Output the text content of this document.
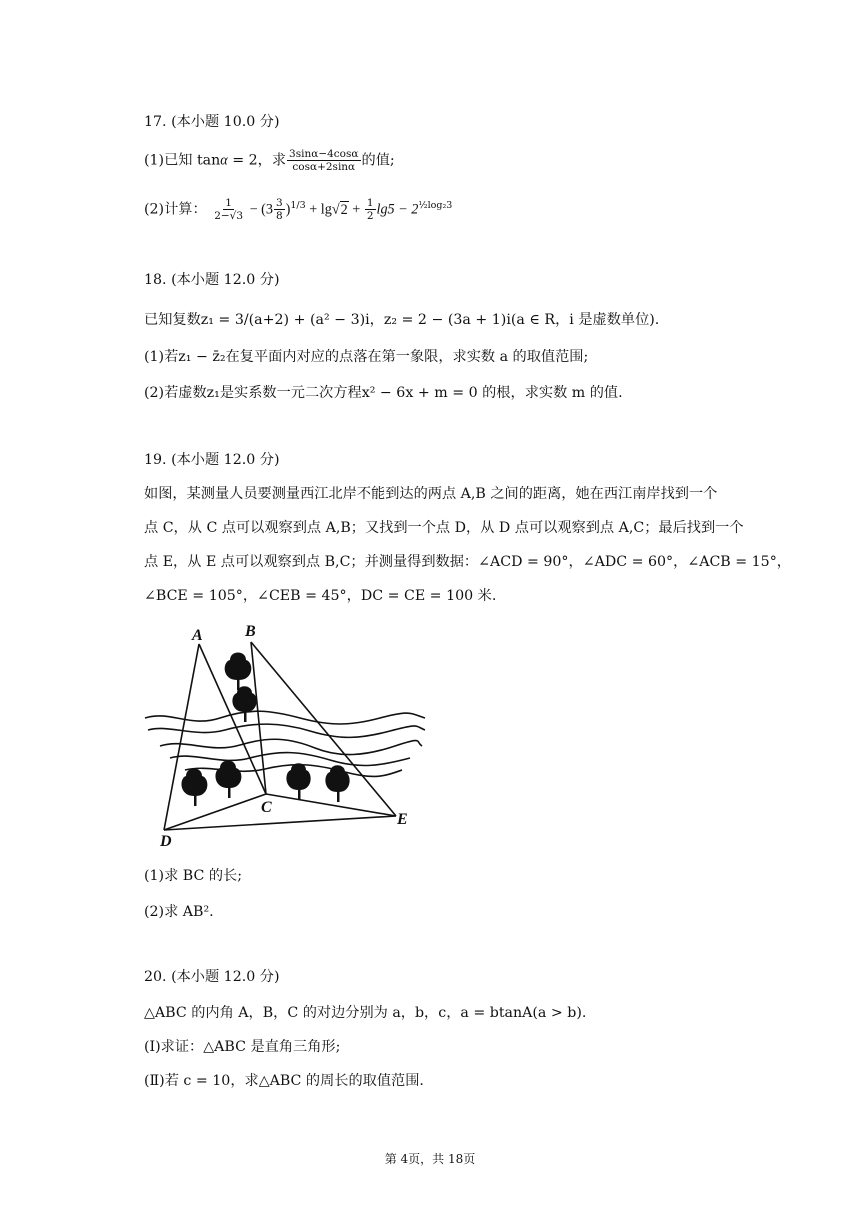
17. (本小题 10.0 分)
(1)已知 tanα = 2，求 $\frac{3\sin\alpha-4\cos\alpha}{\cos\alpha+2\sin\alpha}$ 的值;
(2)计算： $\frac{1}{2-√3} - (3 \frac{3}{8} )^{1/3} + \lg√2 + \frac{1}{2} \lg 5 - 2^{\frac{1}{2}log_23}$
18. (本小题 12.0 分)
已知复数z₁ = 3/(a+2) + (a² − 3)i，z₂ = 2 − (3a + 1)i(a ∈ R，i 是虚数单位).
(1)若z₁ − z̄₂在复平面内对应的点落在第一象限，求实数 a 的取值范围;
(2)若虚数z₁是实系数一元二次方程x² − 6x + m = 0 的根，求实数 m 的值.
19. (本小题 12.0 分)
如图，某测量人员要测量西江北岸不能到达的两点 A,B 之间的距离，她在西江南岸找到一个
点 C，从 C 点可以观察到点 A,B；又找到一个点 D，从 D 点可以观察到点 A,C；最后找到一个
点 E，从 E 点可以观察到点 B,C；并测量得到数据：∠ACD = 90°，∠ADC = 60°，∠ACB = 15°，
∠BCE = 105°，∠CEB = 45°，DC = CE = 100 米.
A	B
C
D
E
(1)求 BC 的长;
(2)求 AB².
20. (本小题 12.0 分)
△ABC 的内角 A，B，C 的对边分别为 a，b，c，a = btanA(a > b).
(Ⅰ)求证：△ABC 是直角三角形;
(Ⅱ)若 c = 10，求△ABC 的周长的取值范围.
第 4页，共 18页
